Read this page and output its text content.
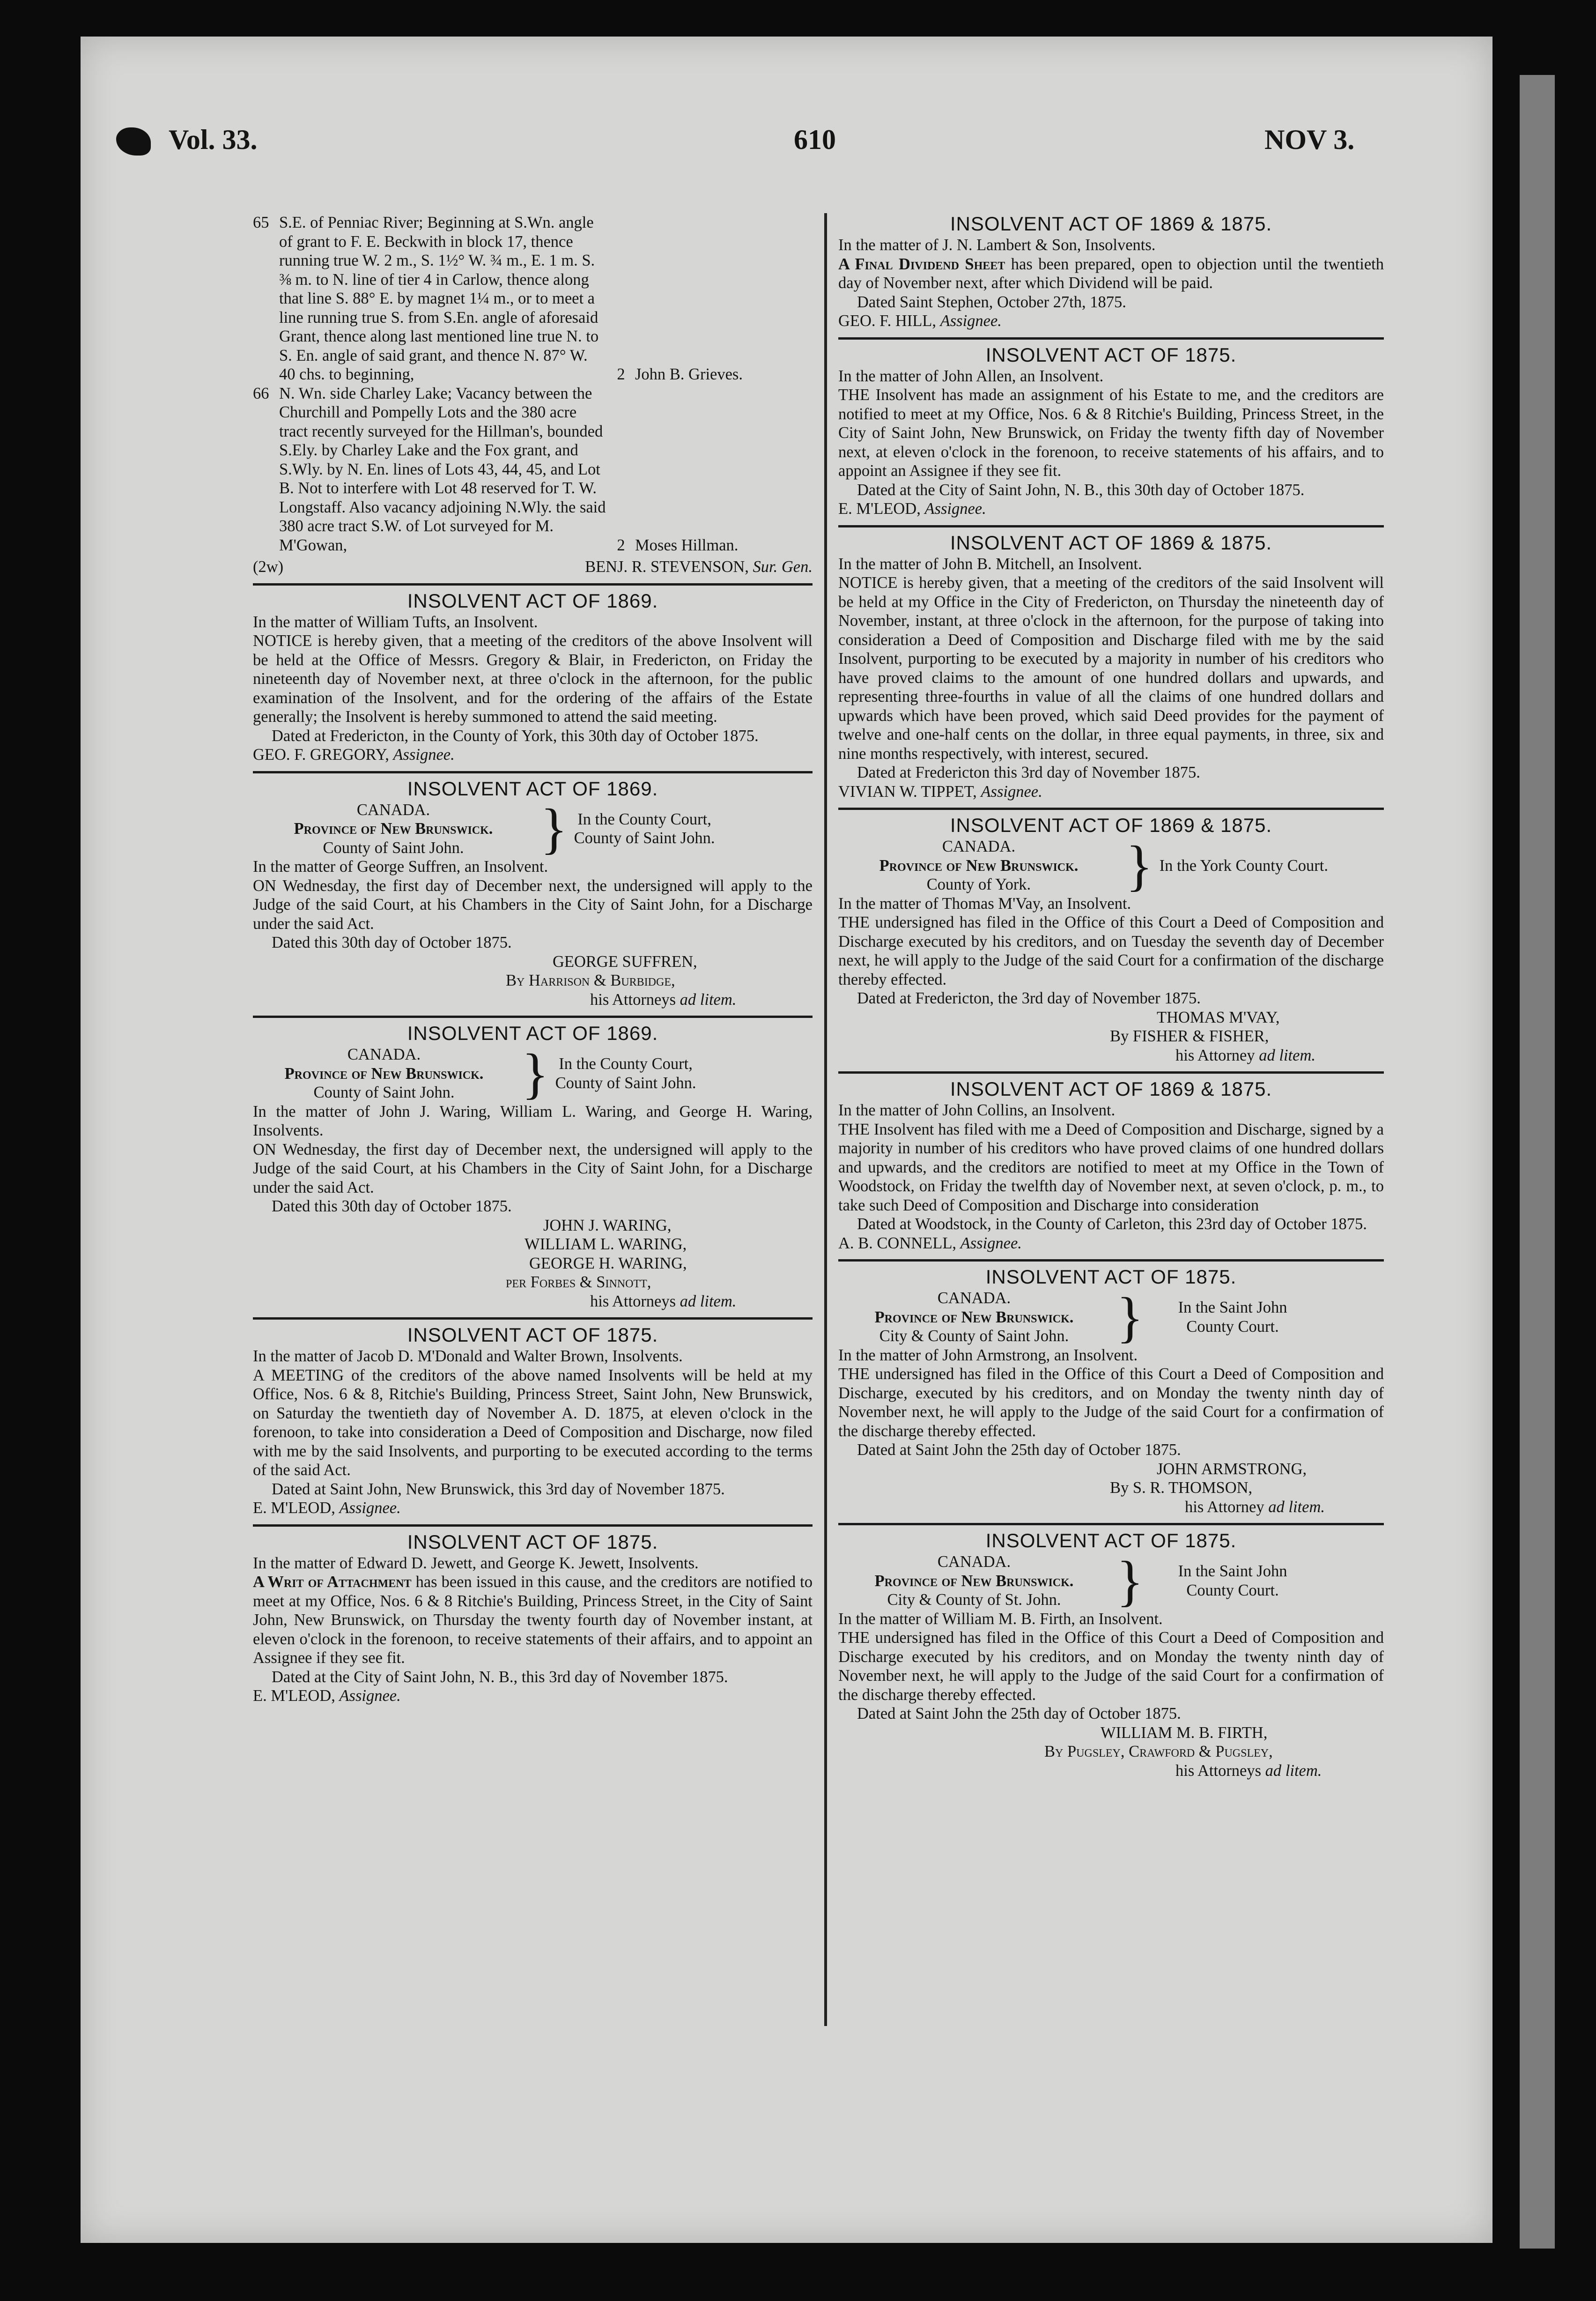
Vol. 33.	610	NOV 3.
65 S.E. of Penniac River; Beginning at S.Wn. angle of grant to F. E. Beckwith in block 17, thence running true W. 2 m., S. 1½° W. ¾ m., E. 1 m. S. ⅜ m. to N. line of tier 4 in Carlow, thence along that line S. 88° E. by magnet 1¼ m., or to meet a line running true S. from S.En. angle of aforesaid Grant, thence along last mentioned line true N. to S. En. angle of said grant, and thence N. 87° W. 40 chs. to beginning,	2 John B. Grieves.
66 N. Wn. side Charley Lake; Vacancy between the Churchill and Pompelly Lots and the 380 acre tract recently surveyed for the Hillman's, bounded S.Ely. by Charley Lake and the Fox grant, and S.Wly. by N. En. lines of Lots 43, 44, 45, and Lot B. Not to interfere with Lot 48 reserved for T. W. Longstaff. Also vacancy adjoining N.Wly. the said 380 acre tract S.W. of Lot surveyed for M. M'Gowan,	2 Moses Hillman.

(2w)	BENJ. R. STEVENSON, Sur. Gen.

INSOLVENT ACT OF 1869.

In the matter of William Tufts, an Insolvent.

NOTICE is hereby given, that a meeting of the creditors of the above Insolvent will be held at the Office of Messrs. Gregory & Blair, in Fredericton, on Friday the nineteenth day of November next, at three o'clock in the afternoon, for the public examination of the Insolvent, and for the ordering of the affairs of the Estate generally; the Insolvent is hereby summoned to attend the said meeting.

Dated at Fredericton, in the County of York, this 30th day of October 1875.

GEO. F. GREGORY, Assignee.

INSOLVENT ACT OF 1869.
CANADA.
Province of New Brunswick.
County of Saint John.	} In the County Court,
County of Saint John.

In the matter of George Suffren, an Insolvent.

ON Wednesday, the first day of December next, the undersigned will apply to the Judge of the said Court, at his Chambers in the City of Saint John, for a Discharge under the said Act.

Dated this 30th day of October 1875.

GEORGE SUFFREN,

By Harrison & Burbidge,

his Attorneys ad litem.

INSOLVENT ACT OF 1869.
CANADA.
Province of New Brunswick.
County of Saint John.	} In the County Court,
County of Saint John.

In the matter of John J. Waring, William L. Waring, and George H. Waring, Insolvents.

ON Wednesday, the first day of December next, the undersigned will apply to the Judge of the said Court, at his Chambers in the City of Saint John, for a Discharge under the said Act.

Dated this 30th day of October 1875.

JOHN J. WARING,

WILLIAM L. WARING,

GEORGE H. WARING,

per Forbes & Sinnott,

his Attorneys ad litem.

INSOLVENT ACT OF 1875.

In the matter of Jacob D. M'Donald and Walter Brown, Insolvents.

A MEETING of the creditors of the above named Insolvents will be held at my Office, Nos. 6 & 8, Ritchie's Building, Princess Street, Saint John, New Brunswick, on Saturday the twentieth day of November A. D. 1875, at eleven o'clock in the forenoon, to take into consideration a Deed of Composition and Discharge, now filed with me by the said Insolvents, and purporting to be executed according to the terms of the said Act.

Dated at Saint John, New Brunswick, this 3rd day of November 1875.

E. M'LEOD, Assignee.

INSOLVENT ACT OF 1875.

In the matter of Edward D. Jewett, and George K. Jewett, Insolvents.

A Writ of Attachment has been issued in this cause, and the creditors are notified to meet at my Office, Nos. 6 & 8 Ritchie's Building, Princess Street, in the City of Saint John, New Brunswick, on Thursday the twenty fourth day of November instant, at eleven o'clock in the forenoon, to receive statements of their affairs, and to appoint an Assignee if they see fit.

Dated at the City of Saint John, N. B., this 3rd day of November 1875.

E. M'LEOD, Assignee.

INSOLVENT ACT OF 1869 & 1875.

In the matter of J. N. Lambert & Son, Insolvents.

A Final Dividend Sheet has been prepared, open to objection until the twentieth day of November next, after which Dividend will be paid.

Dated Saint Stephen, October 27th, 1875.

GEO. F. HILL, Assignee.

INSOLVENT ACT OF 1875.

In the matter of John Allen, an Insolvent.

THE Insolvent has made an assignment of his Estate to me, and the creditors are notified to meet at my Office, Nos. 6 & 8 Ritchie's Building, Princess Street, in the City of Saint John, New Brunswick, on Friday the twenty fifth day of November next, at eleven o'clock in the forenoon, to receive statements of his affairs, and to appoint an Assignee if they see fit.

Dated at the City of Saint John, N. B., this 30th day of October 1875.

E. M'LEOD, Assignee.

INSOLVENT ACT OF 1869 & 1875.

In the matter of John B. Mitchell, an Insolvent.

NOTICE is hereby given, that a meeting of the creditors of the said Insolvent will be held at my Office in the City of Fredericton, on Thursday the nineteenth day of November, instant, at three o'clock in the afternoon, for the purpose of taking into consideration a Deed of Composition and Discharge filed with me by the said Insolvent, purporting to be executed by a majority in number of his creditors who have proved claims to the amount of one hundred dollars and upwards, and representing three-fourths in value of all the claims of one hundred dollars and upwards which have been proved, which said Deed provides for the payment of twelve and one-half cents on the dollar, in three equal payments, in three, six and nine months respectively, with interest, secured.

Dated at Fredericton this 3rd day of November 1875.

VIVIAN W. TIPPET, Assignee.

INSOLVENT ACT OF 1869 & 1875.
CANADA.
Province of New Brunswick.
County of York.	} In the York County Court.

In the matter of Thomas M'Vay, an Insolvent.

THE undersigned has filed in the Office of this Court a Deed of Composition and Discharge executed by his creditors, and on Tuesday the seventh day of December next, he will apply to the Judge of the said Court for a confirmation of the discharge thereby effected.

Dated at Fredericton, the 3rd day of November 1875.

THOMAS M'VAY,

By FISHER & FISHER,

his Attorney ad litem.

INSOLVENT ACT OF 1869 & 1875.

In the matter of John Collins, an Insolvent.

THE Insolvent has filed with me a Deed of Composition and Discharge, signed by a majority in number of his creditors who have proved claims of one hundred dollars and upwards, and the creditors are notified to meet at my Office in the Town of Woodstock, on Friday the twelfth day of November next, at seven o'clock, p. m., to take such Deed of Composition and Discharge into consideration

Dated at Woodstock, in the County of Carleton, this 23rd day of October 1875.

A. B. CONNELL, Assignee.

INSOLVENT ACT OF 1875.
CANADA.
Province of New Brunswick.
City & County of Saint John. } In the Saint John
County Court.

In the matter of John Armstrong, an Insolvent.

THE undersigned has filed in the Office of this Court a Deed of Composition and Discharge, executed by his creditors, and on Monday the twenty ninth day of November next, he will apply to the Judge of the said Court for a confirmation of the discharge thereby effected.

Dated at Saint John the 25th day of October 1875.

JOHN ARMSTRONG,

By S. R. THOMSON,

his Attorney ad litem.

INSOLVENT ACT OF 1875.
CANADA.
Province of New Brunswick.
City & County of St. John. } In the Saint John
County Court.

In the matter of William M. B. Firth, an Insolvent.

THE undersigned has filed in the Office of this Court a Deed of Composition and Discharge executed by his creditors, and on Monday the twenty ninth day of November next, he will apply to the Judge of the said Court for a confirmation of the discharge thereby effected.

Dated at Saint John the 25th day of October 1875.

WILLIAM M. B. FIRTH,

By Pugsley, Crawford & Pugsley,

his Attorneys ad litem.
